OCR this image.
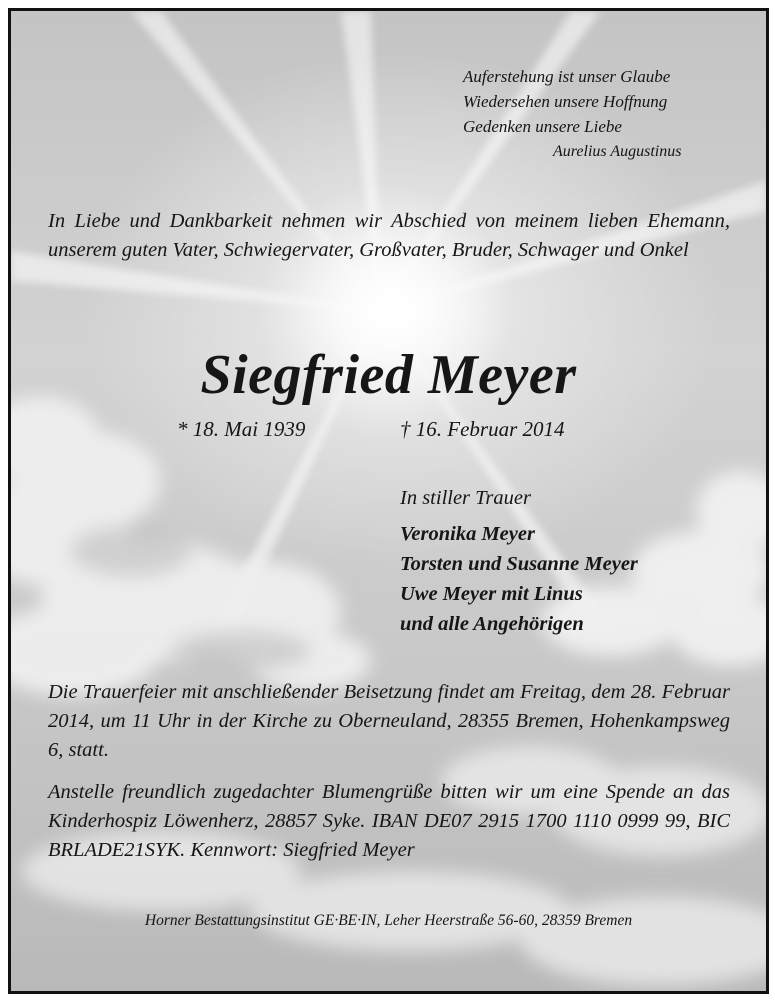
Auferstehung ist unser Glaube
Wiedersehen unsere Hoffnung
Gedenken unsere Liebe
Aurelius Augustinus
In Liebe und Dankbarkeit nehmen wir Abschied von meinem lieben Ehemann, unserem guten Vater, Schwiegervater, Großvater, Bruder, Schwager und Onkel
Siegfried Meyer
* 18. Mai 1939	† 16. Februar 2014
In stiller Trauer
Veronika Meyer
Torsten und Susanne Meyer
Uwe Meyer mit Linus
und alle Angehörigen
Die Trauerfeier mit anschließender Beisetzung findet am Freitag, dem 28. Februar 2014, um 11 Uhr in der Kirche zu Oberneuland, 28355 Bremen, Hohenkampsweg 6, statt.
Anstelle freundlich zugedachter Blumengrüße bitten wir um eine Spende an das Kinderhospiz Löwenherz, 28857 Syke. IBAN DE07 2915 1700 1110 0999 99, BIC BRLADE21SYK. Kennwort: Siegfried Meyer
Horner Bestattungsinstitut GE·BE·IN, Leher Heerstraße 56-60, 28359 Bremen
